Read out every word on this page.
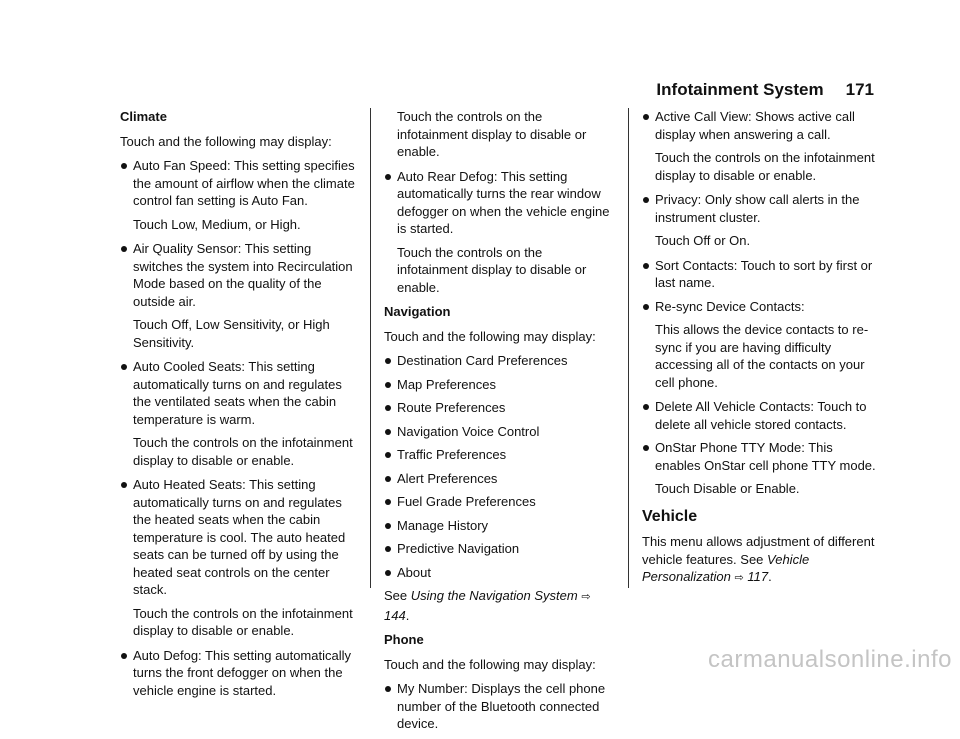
Infotainment System 171
Climate
Touch and the following may display:
Auto Fan Speed: This setting specifies the amount of airflow when the climate control fan setting is Auto Fan.
Touch Low, Medium, or High.
Air Quality Sensor: This setting switches the system into Recirculation Mode based on the quality of the outside air.
Touch Off, Low Sensitivity, or High Sensitivity.
Auto Cooled Seats: This setting automatically turns on and regulates the ventilated seats when the cabin temperature is warm.
Touch the controls on the infotainment display to disable or enable.
Auto Heated Seats: This setting automatically turns on and regulates the heated seats when the cabin temperature is cool. The auto heated seats can be turned off by using the heated seat controls on the center stack.
Touch the controls on the infotainment display to disable or enable.
Auto Defog: This setting automatically turns the front defogger on when the vehicle engine is started.
Touch the controls on the infotainment display to disable or enable.
Auto Rear Defog: This setting automatically turns the rear window defogger on when the vehicle engine is started.
Touch the controls on the infotainment display to disable or enable.
Navigation
Touch and the following may display:
Destination Card Preferences
Map Preferences
Route Preferences
Navigation Voice Control
Traffic Preferences
Alert Preferences
Fuel Grade Preferences
Manage History
Predictive Navigation
About
See Using the Navigation System ⇨ 144.
Phone
Touch and the following may display:
My Number: Displays the cell phone number of the Bluetooth connected device.
Active Call View: Shows active call display when answering a call.
Touch the controls on the infotainment display to disable or enable.
Privacy: Only show call alerts in the instrument cluster.
Touch Off or On.
Sort Contacts: Touch to sort by first or last name.
Re-sync Device Contacts:
This allows the device contacts to re-sync if you are having difficulty accessing all of the contacts on your cell phone.
Delete All Vehicle Contacts: Touch to delete all vehicle stored contacts.
OnStar Phone TTY Mode: This enables OnStar cell phone TTY mode.
Touch Disable or Enable.
Vehicle
This menu allows adjustment of different vehicle features. See Vehicle Personalization ⇨ 117.
carmanualsonline.info
